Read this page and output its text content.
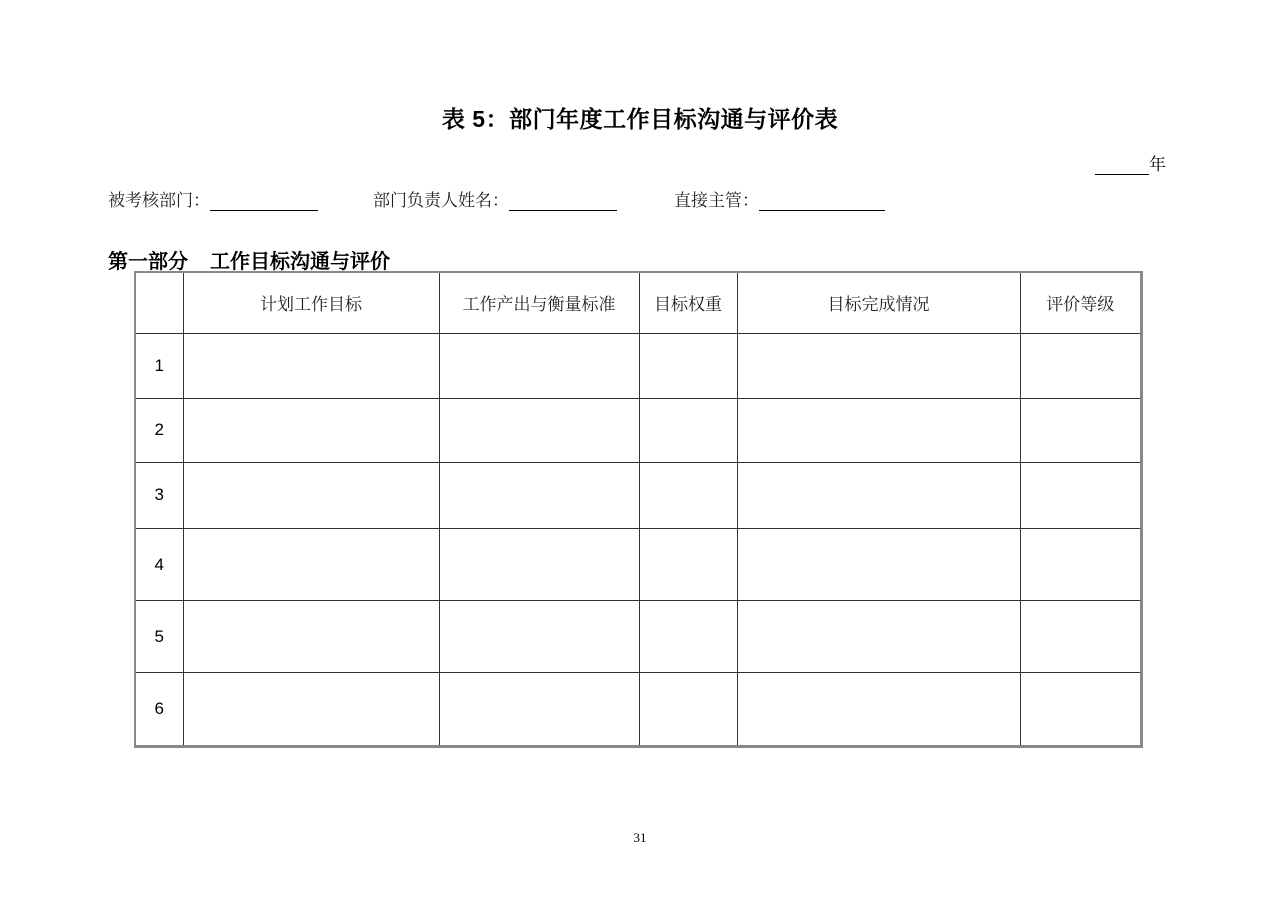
表 5：部门年度工作目标沟通与评价表
年
被考核部门：	部门负责人姓名：	直接主管：
第一部分 工作目标沟通与评价
	计划工作目标	工作产出与衡量标准	目标权重	目标完成情况	评价等级
1					
2					
3					
4					
5					
6					
31
